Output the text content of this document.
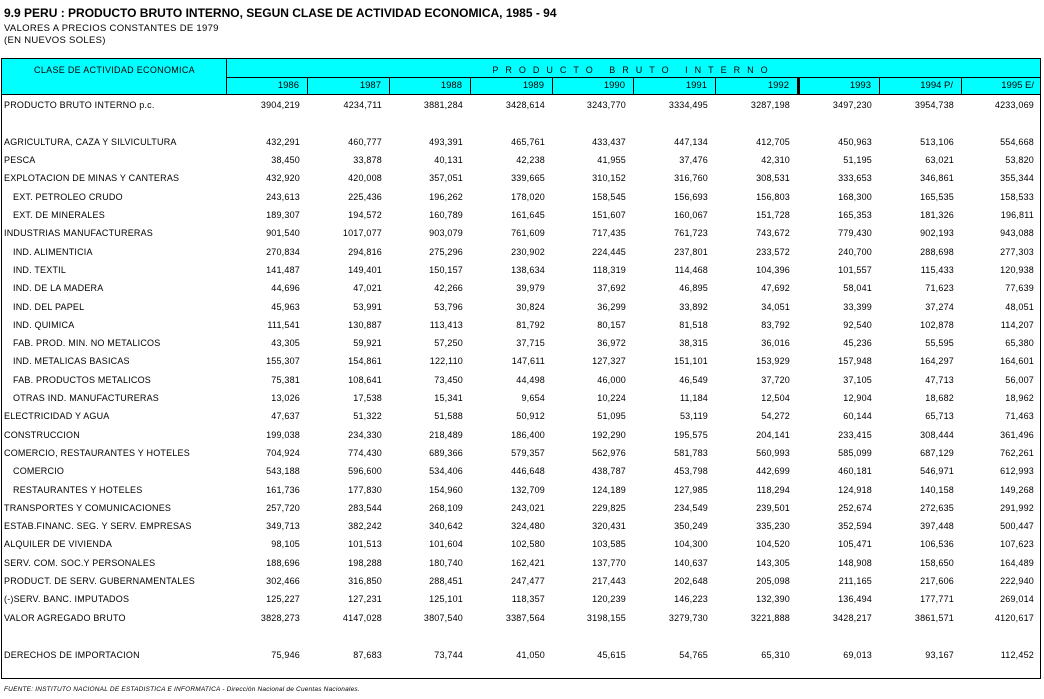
9.9 PERU : PRODUCTO BRUTO INTERNO, SEGUN CLASE DE ACTIVIDAD ECONOMICA, 1985 - 94
VALORES A PRECIOS CONSTANTES DE 1979
(EN NUEVOS SOLES)
CLASE DE ACTIVIDAD ECONOMICA	PRODUCTO BRUTO INTERNO
1986	1987	1988	1989	1990	1991	1992	1993	1994 P/	1995 E/
PRODUCTO BRUTO INTERNO p.c.	3904,219	4234,711	3881,284	3428,614	3243,770	3334,495	3287,198	3497,230	3954,738	4233,069
AGRICULTURA, CAZA Y SILVICULTURA	432,291	460,777	493,391	465,761	433,437	447,134	412,705	450,963	513,106	554,668
PESCA	38,450	33,878	40,131	42,238	41,955	37,476	42,310	51,195	63,021	53,820
EXPLOTACION DE MINAS Y CANTERAS	432,920	420,008	357,051	339,665	310,152	316,760	308,531	333,653	346,861	355,344
EXT. PETROLEO CRUDO	243,613	225,436	196,262	178,020	158,545	156,693	156,803	168,300	165,535	158,533
EXT. DE MINERALES	189,307	194,572	160,789	161,645	151,607	160,067	151,728	165,353	181,326	196,811
INDUSTRIAS MANUFACTURERAS	901,540	1017,077	903,079	761,609	717,435	761,723	743,672	779,430	902,193	943,088
IND. ALIMENTICIA	270,834	294,816	275,296	230,902	224,445	237,801	233,572	240,700	288,698	277,303
IND. TEXTIL	141,487	149,401	150,157	138,634	118,319	114,468	104,396	101,557	115,433	120,938
IND. DE LA MADERA	44,696	47,021	42,266	39,979	37,692	46,895	47,692	58,041	71,623	77,639
IND. DEL PAPEL	45,963	53,991	53,796	30,824	36,299	33,892	34,051	33,399	37,274	48,051
IND. QUIMICA	111,541	130,887	113,413	81,792	80,157	81,518	83,792	92,540	102,878	114,207
FAB. PROD. MIN. NO METALICOS	43,305	59,921	57,250	37,715	36,972	38,315	36,016	45,236	55,595	65,380
IND. METALICAS BASICAS	155,307	154,861	122,110	147,611	127,327	151,101	153,929	157,948	164,297	164,601
FAB. PRODUCTOS METALICOS	75,381	108,641	73,450	44,498	46,000	46,549	37,720	37,105	47,713	56,007
OTRAS IND. MANUFACTURERAS	13,026	17,538	15,341	9,654	10,224	11,184	12,504	12,904	18,682	18,962
ELECTRICIDAD Y AGUA	47,637	51,322	51,588	50,912	51,095	53,119	54,272	60,144	65,713	71,463
CONSTRUCCION	199,038	234,330	218,489	186,400	192,290	195,575	204,141	233,415	308,444	361,496
COMERCIO, RESTAURANTES Y HOTELES	704,924	774,430	689,366	579,357	562,976	581,783	560,993	585,099	687,129	762,261
COMERCIO	543,188	596,600	534,406	446,648	438,787	453,798	442,699	460,181	546,971	612,993
RESTAURANTES Y HOTELES	161,736	177,830	154,960	132,709	124,189	127,985	118,294	124,918	140,158	149,268
TRANSPORTES Y COMUNICACIONES	257,720	283,544	268,109	243,021	229,825	234,549	239,501	252,674	272,635	291,992
ESTAB.FINANC. SEG. Y SERV. EMPRESAS	349,713	382,242	340,642	324,480	320,431	350,249	335,230	352,594	397,448	500,447
ALQUILER DE VIVIENDA	98,105	101,513	101,604	102,580	103,585	104,300	104,520	105,471	106,536	107,623
SERV. COM. SOC.Y PERSONALES	188,696	198,288	180,740	162,421	137,770	140,637	143,305	148,908	158,650	164,489
PRODUCT. DE SERV. GUBERNAMENTALES	302,466	316,850	288,451	247,477	217,443	202,648	205,098	211,165	217,606	222,940
(-)SERV. BANC. IMPUTADOS	125,227	127,231	125,101	118,357	120,239	146,223	132,390	136,494	177,771	269,014
VALOR AGREGADO BRUTO	3828,273	4147,028	3807,540	3387,564	3198,155	3279,730	3221,888	3428,217	3861,571	4120,617
DERECHOS DE IMPORTACION	75,946	87,683	73,744	41,050	45,615	54,765	65,310	69,013	93,167	112,452
FUENTE: INSTITUTO NACIONAL DE ESTADISTICA E INFORMATICA - Dirección Nacional de Cuentas Nacionales.
